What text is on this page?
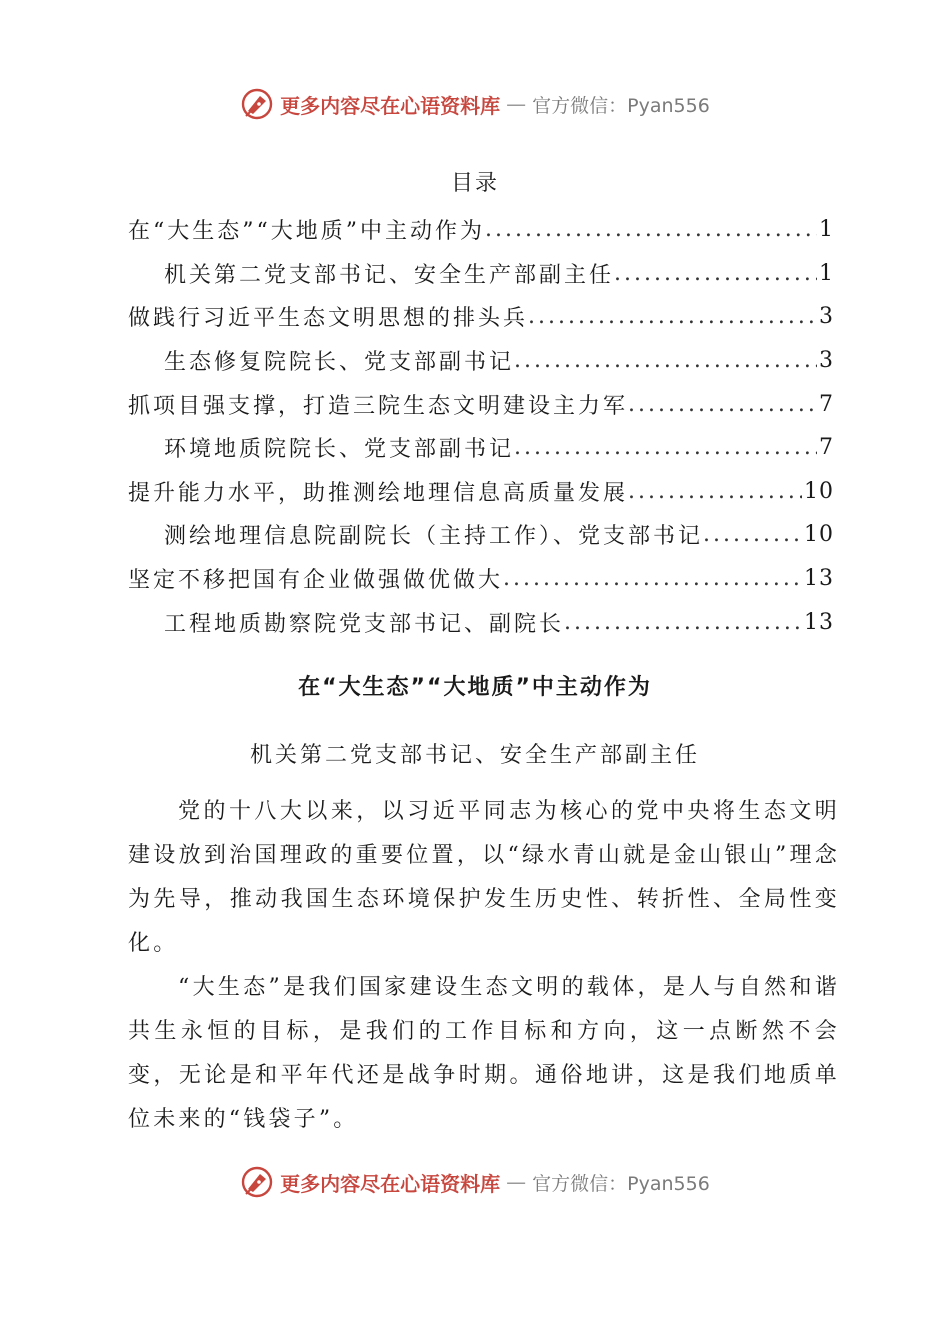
更多内容尽在心语资料库 — 官方微信：Pyan556
目录
在“大生态”“大地质”中主动作为 .....	1
机关第二党支部书记、安全生产部副主任 .....	1
做践行习近平生态文明思想的排头兵 .....	3
生态修复院院长、党支部副书记 .....	3
抓项目强支撑，打造三院生态文明建设主力军 .....	7
环境地质院院长、党支部副书记 .....	7
提升能力水平，助推测绘地理信息高质量发展 .....	10
测绘地理信息院副院长（主持工作）、党支部书记 .....	10
坚定不移把国有企业做强做优做大 .....	13
工程地质勘察院党支部书记、副院长 .....	13
在“大生态”“大地质”中主动作为
机关第二党支部书记、安全生产部副主任

党的十八大以来，以习近平同志为核心的党中央将生态文明建设放到治国理政的重要位置，以“绿水青山就是金山银山”理念为先导，推动我国生态环境保护发生历史性、转折性、全局性变化。

“大生态”是我们国家建设生态文明的载体，是人与自然和谐共生永恒的目标，是我们的工作目标和方向，这一点断然不会变，无论是和平年代还是战争时期。通俗地讲，这是我们地质单位未来的“钱袋子”。

更多内容尽在心语资料库 — 官方微信：Pyan556
